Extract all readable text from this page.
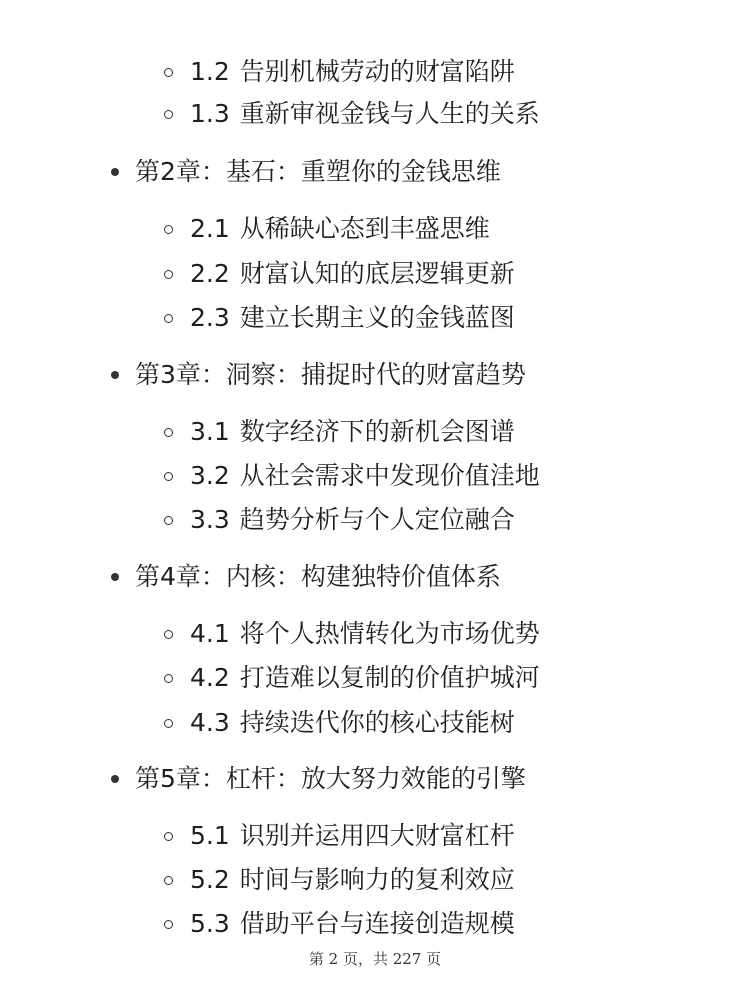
1.2 告别机械劳动的财富陷阱
1.3 重新审视金钱与人生的关系
第2章：基石：重塑你的金钱思维
2.1 从稀缺心态到丰盛思维
2.2 财富认知的底层逻辑更新
2.3 建立长期主义的金钱蓝图
第3章：洞察：捕捉时代的财富趋势
3.1 数字经济下的新机会图谱
3.2 从社会需求中发现价值洼地
3.3 趋势分析与个人定位融合
第4章：内核：构建独特价值体系
4.1 将个人热情转化为市场优势
4.2 打造难以复制的价值护城河
4.3 持续迭代你的核心技能树
第5章：杠杆：放大努力效能的引擎
5.1 识别并运用四大财富杠杆
5.2 时间与影响力的复利效应
5.3 借助平台与连接创造规模
第 2 页，共 227 页
